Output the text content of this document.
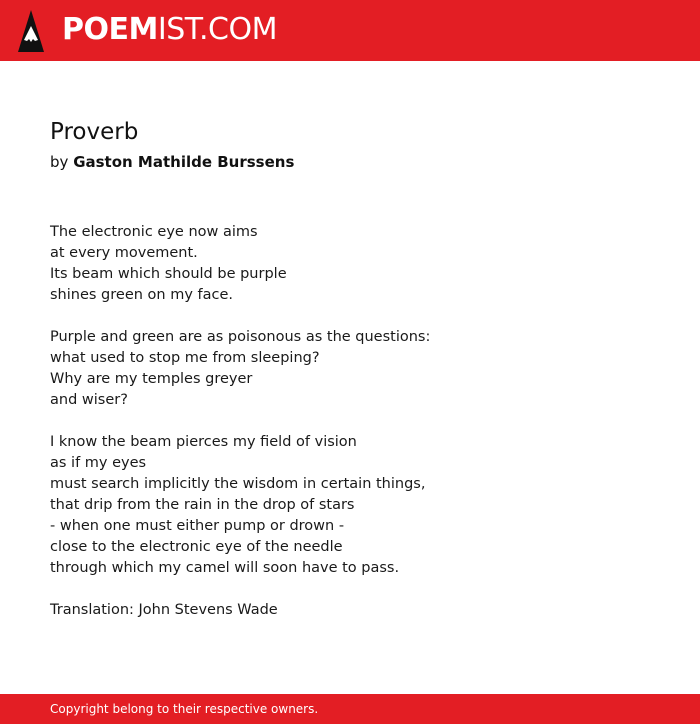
POEMIST.COM
Proverb
by Gaston Mathilde Burssens
The electronic eye now aims
at every movement.
Its beam which should be purple
shines green on my face.
Purple and green are as poisonous as the questions:
what used to stop me from sleeping?
Why are my temples greyer
and wiser?
I know the beam pierces my field of vision
as if my eyes
must search implicitly the wisdom in certain things,
that drip from the rain in the drop of stars
- when one must either pump or drown -
close to the electronic eye of the needle
through which my camel will soon have to pass.

Translation: John Stevens Wade

Copyright belong to their respective owners.
